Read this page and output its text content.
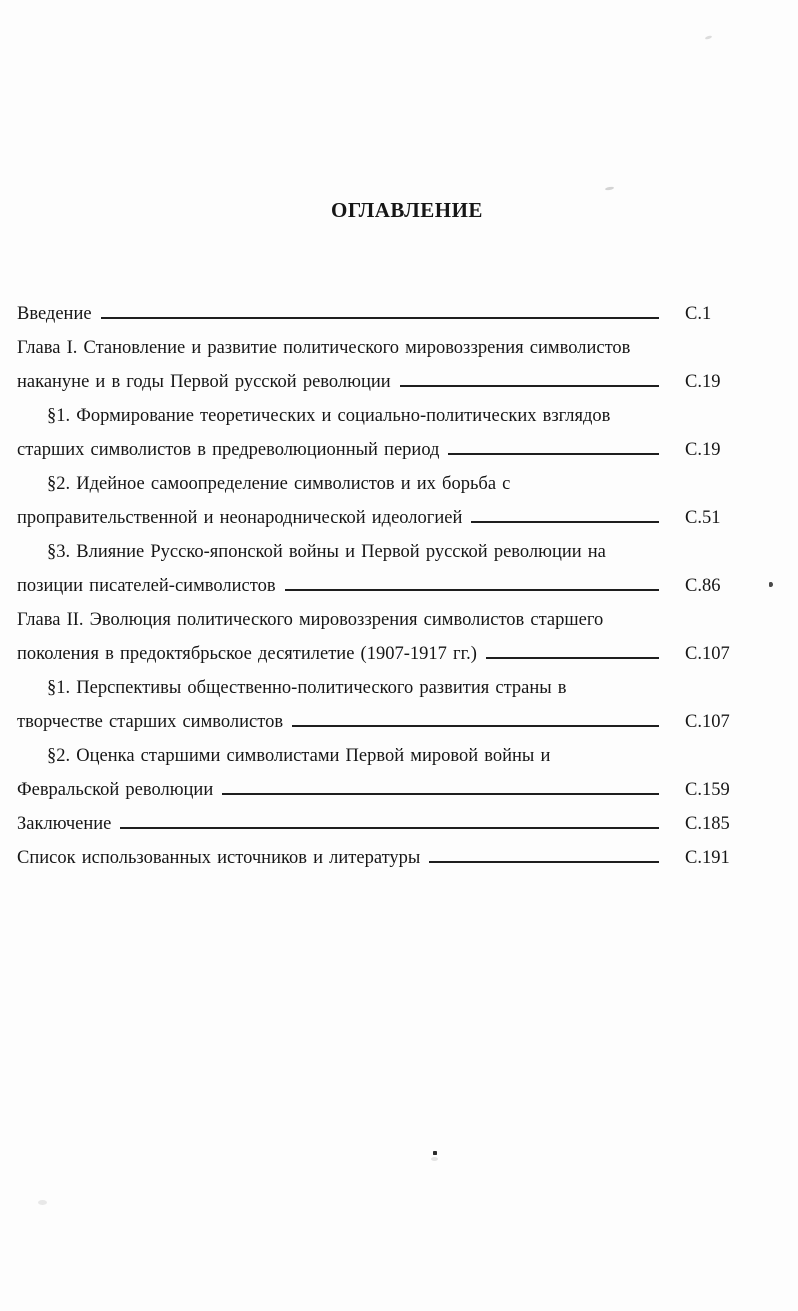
ОГЛАВЛЕНИЕ
Введение	С.1
Глава I. Становление и развитие политического мировоззрения символистов
накануне и в годы Первой русской революции	С.19
§1. Формирование теоретических и социально-политических взглядов
старших символистов в предреволюционный период	С.19
§2. Идейное самоопределение символистов и их борьба с
проправительственной и неонароднической идеологией	С.51
§3. Влияние Русско-японской войны и Первой русской революции на
позиции писателей-символистов	С.86
Глава II. Эволюция политического мировоззрения символистов старшего
поколения в предоктябрьское десятилетие (1907-1917 гг.)	С.107
§1. Перспективы общественно-политического развития страны в
творчестве старших символистов	С.107
§2. Оценка старшими символистами Первой мировой войны и
Февральской революции	С.159
Заключение	С.185
Список использованных источников и литературы	С.191
